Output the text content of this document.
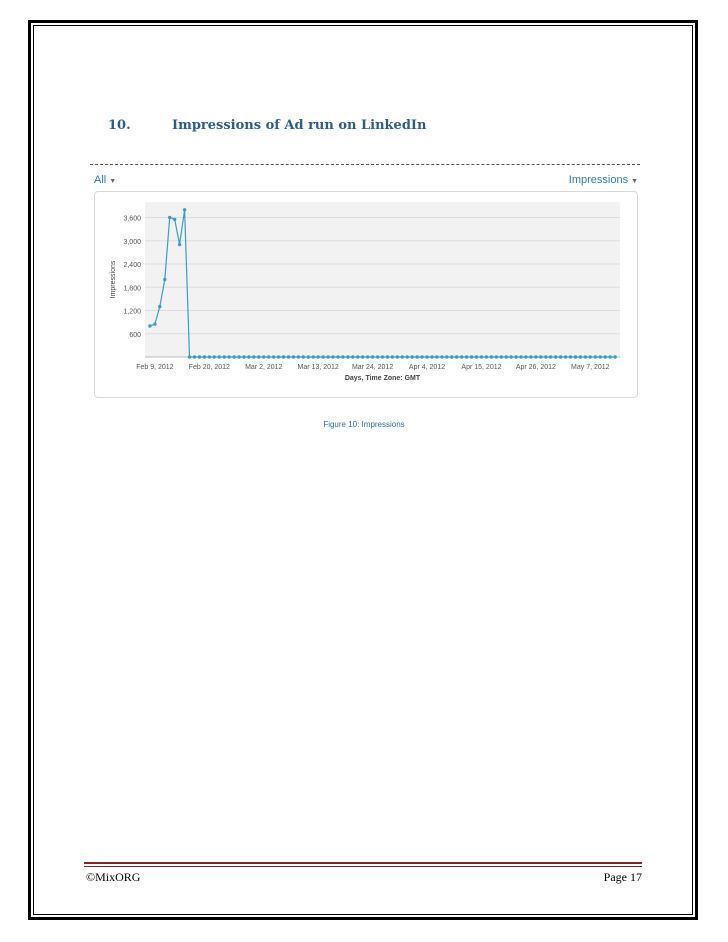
10.	Impressions of Ad run on LinkedIn
All ▼	Impressions ▼
600
1,200
1,800
2,400
3,000
3,600
Feb 9, 2012 Feb 20, 2012 Mar 2, 2012 Mar 13, 2012 Mar 24, 2012 Apr 4, 2012 Apr 15, 2012 Apr 26, 2012 May 7, 2012
Impressions
Days, Time Zone: GMT
Figure 10: Impressions
©MixORG	Page 17
